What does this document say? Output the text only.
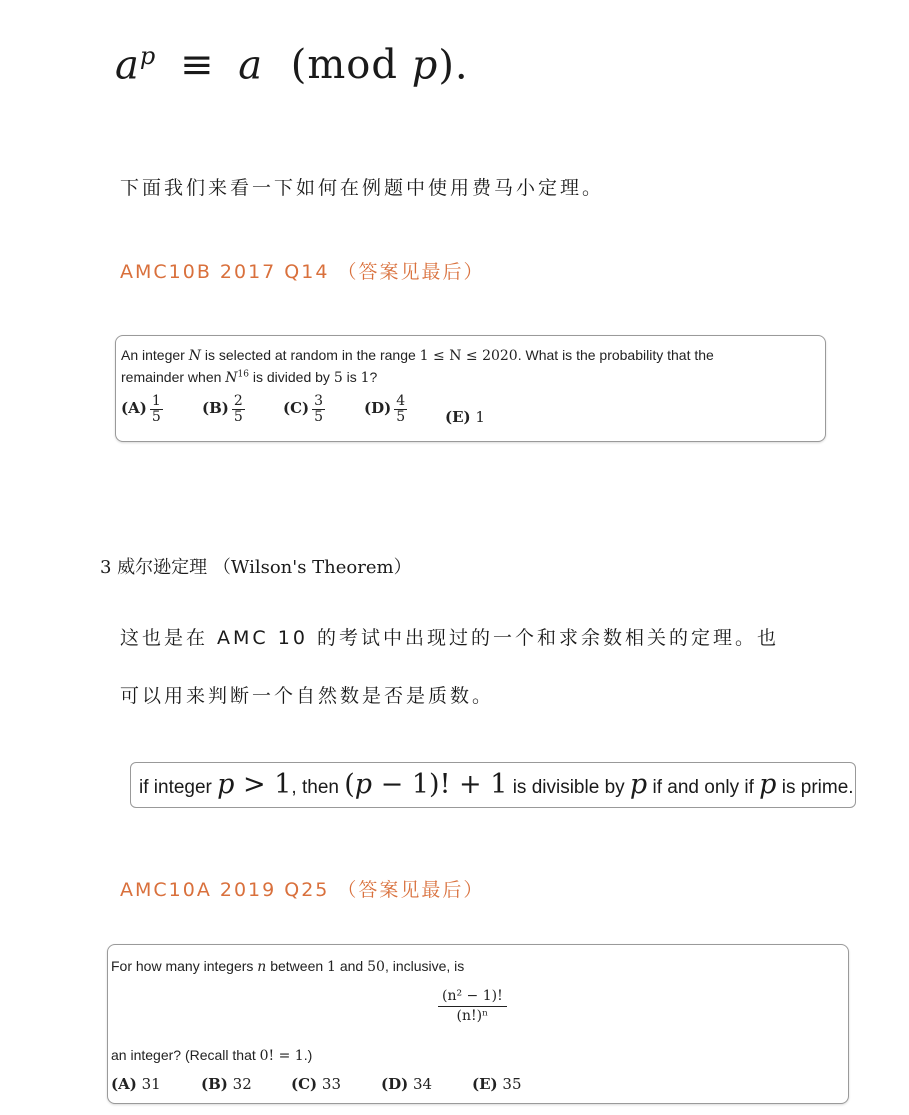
$a^p \equiv a$ (mod p).
下面我们来看一下如何在例题中使用费马小定理。
AMC10B 2017 Q14 （答案见最后）
An integer N is selected at random in the range 1 ≤ N ≤ 2020. What is the probability that the
remainder when $N^{16}$ is divided by 5 is 1?
$(A) \frac{1}{5}$	$(B) \frac{2}{5}$	$(C) \frac{3}{5}$	$(D) \frac{4}{5}$	(E) 1
3 威尔逊定理 （Wilson's Theorem）
这也是在 AMC 10 的考试中出现过的一个和求余数相关的定理。也
可以用来判断一个自然数是否是质数。
if integer p > 1, then (p − 1)! + 1 is divisible by p if and only if p is prime.
AMC10A 2019 Q25 （答案见最后）
For how many integers n between 1 and 50, inclusive, is
$\frac{\text{(n² − 1)!}}{\text{(n!)ⁿ}}$
an integer? (Recall that 0! = 1.)
(A) 31	(B) 32	(C) 33	(D) 34	(E) 35
